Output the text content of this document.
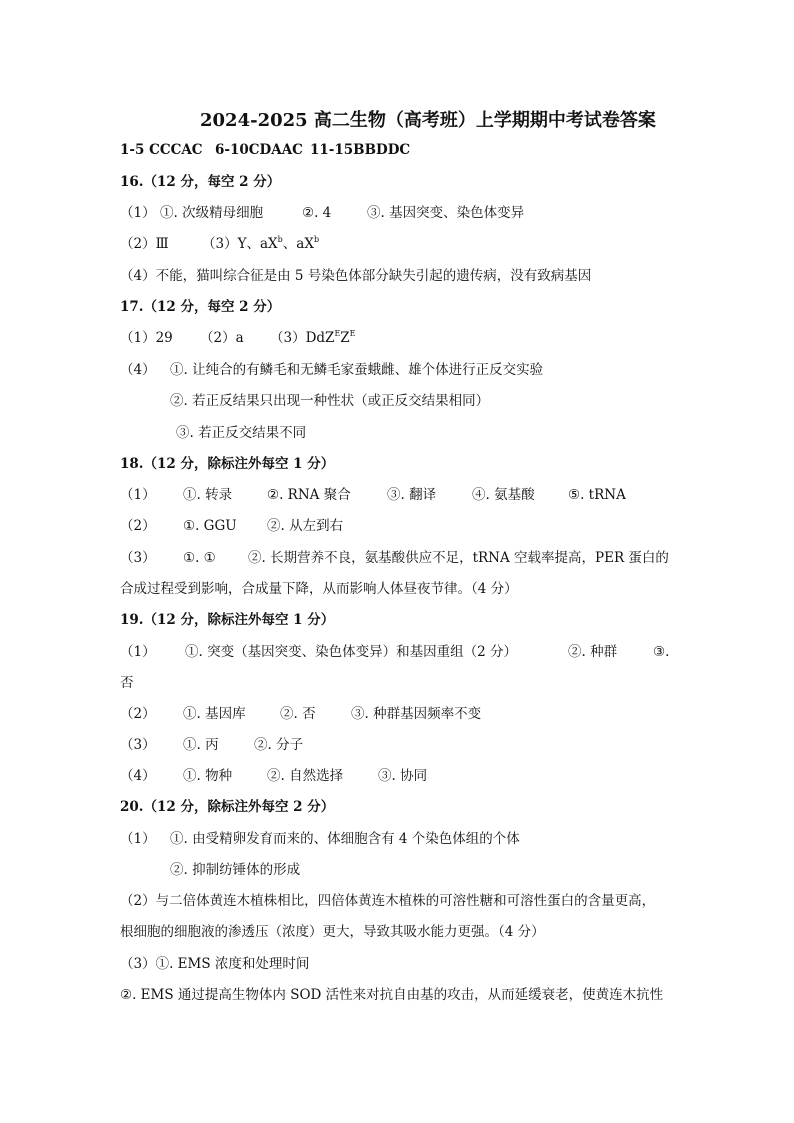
2024-2025 高二生物（高考班）上学期期中考试卷答案
1-5 CCCAC 6-10CDAAC 11-15BBDDC
16.（12 分，每空 2 分）
（1） ①. 次级精母细胞	②. 4	③. 基因突变、染色体变异
（2）Ⅲ （3）Y、$aX^b$、$aX^b$
（4）不能，猫叫综合征是由 5 号染色体部分缺失引起的遗传病，没有致病基因
17.（12 分，每空 2 分）
（1）29 （2）a $(3)DdZ^EZ^E$
（4） ①. 让纯合的有鳞毛和无鳞毛家蚕蛾雌、雄个体进行正反交实验
②. 若正反结果只出现一种性状（或正反交结果相同）
③. 若正反交结果不同
18.（12 分，除标注外每空 1 分）
（1） ①. 转录	②. RNA 聚合	③. 翻译	④. 氨基酸 ⑤. tRNA
（2） ①. GGU ②. 从左到右
（3） ①. ① ②. 长期营养不良，氨基酸供应不足，tRNA 空载率提高，PER 蛋白的
合成过程受到影响，合成量下降，从而影响人体昼夜节律。（4 分）
19.（12 分，除标注外每空 1 分）
（1） ①. 突变（基因突变、染色体变异）和基因重组（2 分）	②. 种群	③.
否
（2） ①. 基因库	②. 否	③. 种群基因频率不变
（3） ①. 丙	②. 分子
（4） ①. 物种	②. 自然选择	③. 协同
20.（12 分，除标注外每空 2 分）
（1） ①. 由受精卵发育而来的、体细胞含有 4 个染色体组的个体
②. 抑制纺锤体的形成
（2）与二倍体黄连木植株相比，四倍体黄连木植株的可溶性糖和可溶性蛋白的含量更高，
根细胞的细胞液的渗透压（浓度）更大，导致其吸水能力更强。（4 分）
（3）①. EMS 浓度和处理时间
②. EMS 通过提高生物体内 SOD 活性来对抗自由基的攻击，从而延缓衰老，使黄连木抗性
